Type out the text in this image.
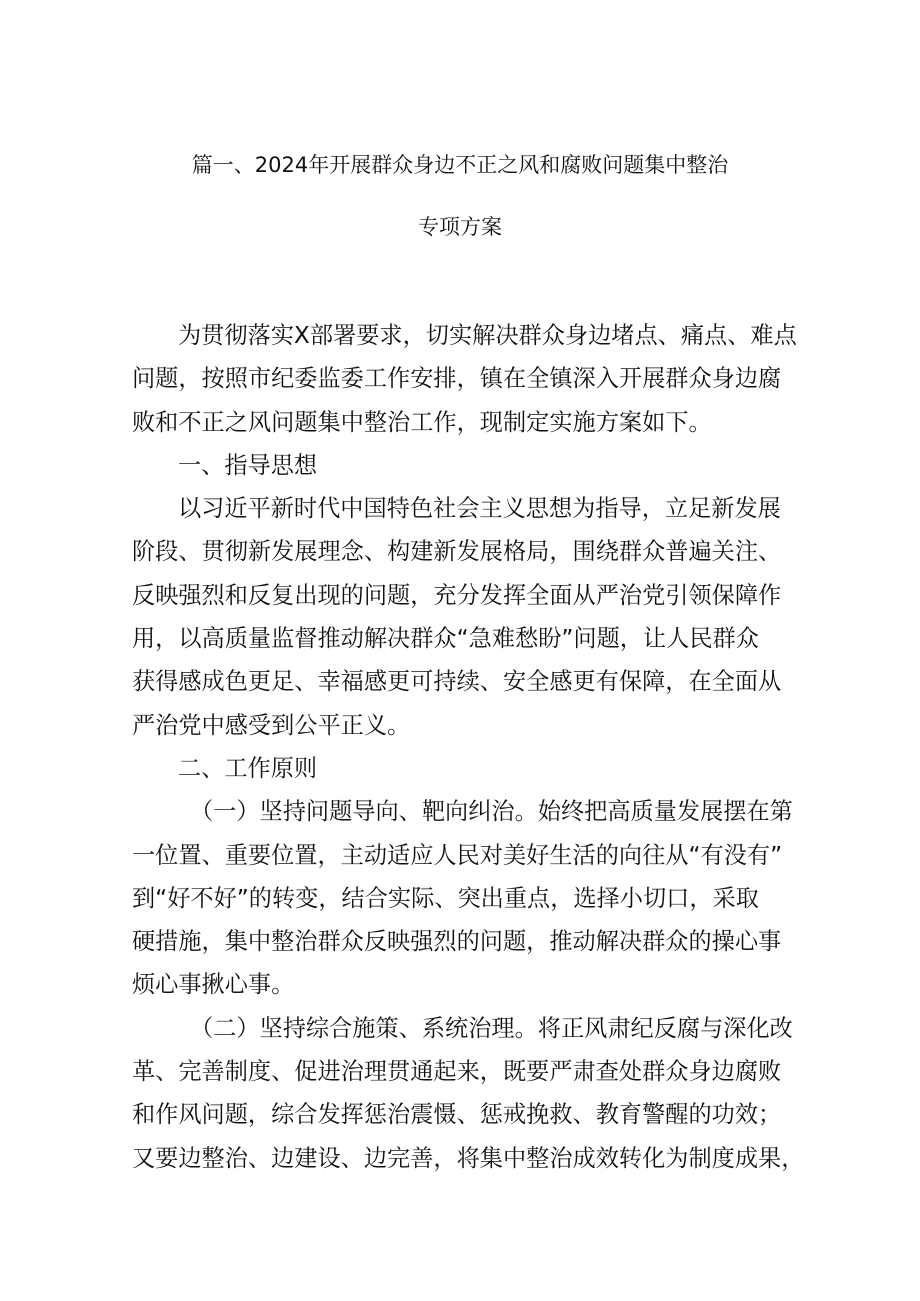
篇一、2024年开展群众身边不正之风和腐败问题集中整治
专项方案
为贯彻落实X部署要求，切实解决群众身边堵点、痛点、难点
问题，按照市纪委监委工作安排，镇在全镇深入开展群众身边腐
败和不正之风问题集中整治工作，现制定实施方案如下。
一、指导思想
以习近平新时代中国特色社会主义思想为指导，立足新发展
阶段、贯彻新发展理念、构建新发展格局，围绕群众普遍关注、
反映强烈和反复出现的问题，充分发挥全面从严治党引领保障作
用，以高质量监督推动解决群众“急难愁盼”问题，让人民群众
获得感成色更足、幸福感更可持续、安全感更有保障，在全面从
严治党中感受到公平正义。
二、工作原则
（一）坚持问题导向、靶向纠治。始终把高质量发展摆在第
一位置、重要位置，主动适应人民对美好生活的向往从“有没有”
到“好不好”的转变，结合实际、突出重点，选择小切口，采取
硬措施，集中整治群众反映强烈的问题，推动解决群众的操心事
烦心事揪心事。
（二）坚持综合施策、系统治理。将正风肃纪反腐与深化改
革、完善制度、促进治理贯通起来，既要严肃查处群众身边腐败
和作风问题，综合发挥惩治震慑、惩戒挽救、教育警醒的功效；
又要边整治、边建设、边完善，将集中整治成效转化为制度成果，
